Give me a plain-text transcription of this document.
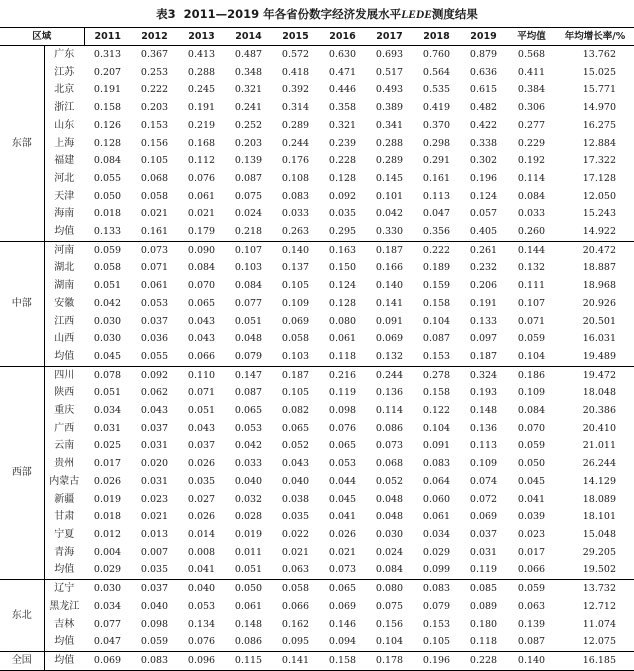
表3 2011—2019 年各省份数字经济发展水平LEDE测度结果
区域		2011	2012	2013	2014	2015	2016	2017	2018	2019	平均值	年均增长率/%
东部	广东	0.313	0.367	0.413	0.487	0.572	0.630	0.693	0.760	0.879	0.568	13.762
	江苏	0.207	0.253	0.288	0.348	0.418	0.471	0.517	0.564	0.636	0.411	15.025
	北京	0.191	0.222	0.245	0.321	0.392	0.446	0.493	0.535	0.615	0.384	15.771
	浙江	0.158	0.203	0.191	0.241	0.314	0.358	0.389	0.419	0.482	0.306	14.970
	山东	0.126	0.153	0.219	0.252	0.289	0.321	0.341	0.370	0.422	0.277	16.275
	上海	0.128	0.156	0.168	0.203	0.244	0.239	0.288	0.298	0.338	0.229	12.884
	福建	0.084	0.105	0.112	0.139	0.176	0.228	0.289	0.291	0.302	0.192	17.322
	河北	0.055	0.068	0.076	0.087	0.108	0.128	0.145	0.161	0.196	0.114	17.128
	天津	0.050	0.058	0.061	0.075	0.083	0.092	0.101	0.113	0.124	0.084	12.050
	海南	0.018	0.021	0.021	0.024	0.033	0.035	0.042	0.047	0.057	0.033	15.243
	均值	0.133	0.161	0.179	0.218	0.263	0.295	0.330	0.356	0.405	0.260	14.922
中部	河南	0.059	0.073	0.090	0.107	0.140	0.163	0.187	0.222	0.261	0.144	20.472
	湖北	0.058	0.071	0.084	0.103	0.137	0.150	0.166	0.189	0.232	0.132	18.887
	湖南	0.051	0.061	0.070	0.084	0.105	0.124	0.140	0.159	0.206	0.111	18.968
	安徽	0.042	0.053	0.065	0.077	0.109	0.128	0.141	0.158	0.191	0.107	20.926
	江西	0.030	0.037	0.043	0.051	0.069	0.080	0.091	0.104	0.133	0.071	20.501
	山西	0.030	0.036	0.043	0.048	0.058	0.061	0.069	0.087	0.097	0.059	16.031
	均值	0.045	0.055	0.066	0.079	0.103	0.118	0.132	0.153	0.187	0.104	19.489
西部	四川	0.078	0.092	0.110	0.147	0.187	0.216	0.244	0.278	0.324	0.186	19.472
	陕西	0.051	0.062	0.071	0.087	0.105	0.119	0.136	0.158	0.193	0.109	18.048
	重庆	0.034	0.043	0.051	0.065	0.082	0.098	0.114	0.122	0.148	0.084	20.386
	广西	0.031	0.037	0.043	0.053	0.065	0.076	0.086	0.104	0.136	0.070	20.410
	云南	0.025	0.031	0.037	0.042	0.052	0.065	0.073	0.091	0.113	0.059	21.011
	贵州	0.017	0.020	0.026	0.033	0.043	0.053	0.068	0.083	0.109	0.050	26.244
	内蒙古	0.026	0.031	0.035	0.040	0.040	0.044	0.052	0.064	0.074	0.045	14.129
	新疆	0.019	0.023	0.027	0.032	0.038	0.045	0.048	0.060	0.072	0.041	18.089
	甘肃	0.018	0.021	0.026	0.028	0.035	0.041	0.048	0.061	0.069	0.039	18.101
	宁夏	0.012	0.013	0.014	0.019	0.022	0.026	0.030	0.034	0.037	0.023	15.048
	青海	0.004	0.007	0.008	0.011	0.021	0.021	0.024	0.029	0.031	0.017	29.205
	均值	0.029	0.035	0.041	0.051	0.063	0.073	0.084	0.099	0.119	0.066	19.502
东北	辽宁	0.030	0.037	0.040	0.050	0.058	0.065	0.080	0.083	0.085	0.059	13.732
	黑龙江	0.034	0.040	0.053	0.061	0.066	0.069	0.075	0.079	0.089	0.063	12.712
	吉林	0.077	0.098	0.134	0.148	0.162	0.146	0.156	0.153	0.180	0.139	11.074
	均值	0.047	0.059	0.076	0.086	0.095	0.094	0.104	0.105	0.118	0.087	12.075
全国	均值	0.069	0.083	0.096	0.115	0.141	0.158	0.178	0.196	0.228	0.140	16.185
